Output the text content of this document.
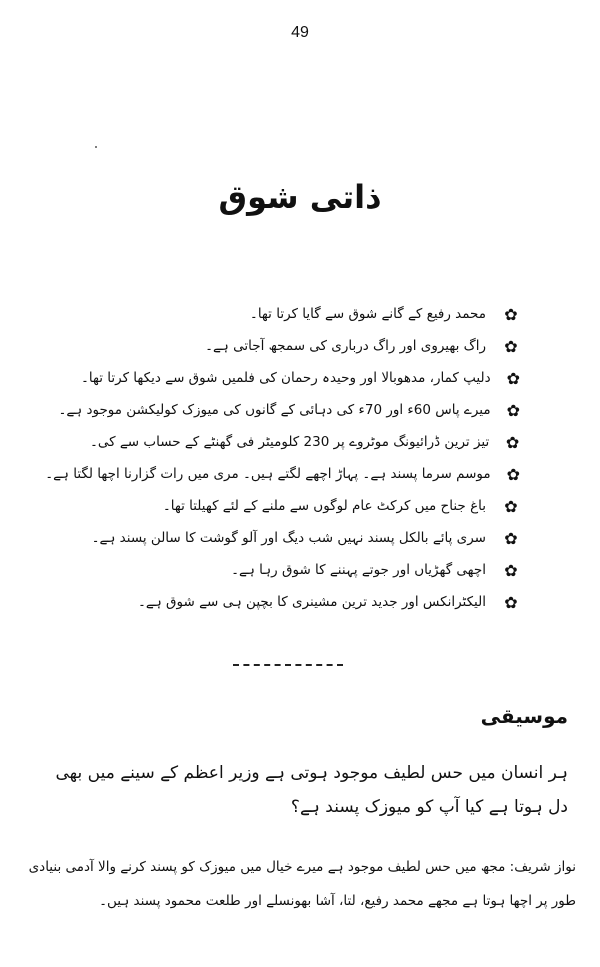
49
ذاتی شوق
✿
محمد رفیع کے گانے شوق سے گایا کرتا تھا۔
✿
راگ بھیروی اور راگ درباری کی سمجھ آجاتی ہے۔
✿
دلیپ کمار، مدھوبالا اور وحیدہ رحمان کی فلمیں شوق سے دیکھا کرتا تھا۔
✿
میرے پاس 60ء اور 70ء کی دہائی کے گانوں کی میوزک کولیکشن موجود ہے۔
✿
تیز ترین ڈرائیونگ موٹروے پر 230 کلومیٹر فی گھنٹے کے حساب سے کی۔
✿
موسم سرما پسند ہے۔ پہاڑ اچھے لگتے ہیں۔ مری میں رات گزارنا اچھا لگتا ہے۔
✿
باغ جناح میں کرکٹ عام لوگوں سے ملنے کے لئے کھیلتا تھا۔
✿
سری پائے بالکل پسند نہیں شب دیگ اور آلو گوشت کا سالن پسند ہے۔
✿
اچھی گھڑیاں اور جوتے پہننے کا شوق رہا ہے۔
✿
الیکٹرانکس اور جدید ترین مشینری کا بچپن ہی سے شوق ہے۔
موسیقی
ہر انسان میں حس لطیف موجود ہوتی ہے وزیر اعظم کے سینے میں بھی دل ہوتا ہے کیا آپ کو میوزک پسند ہے؟
نواز شریف: مجھ میں حس لطیف موجود ہے میرے خیال میں میوزک کو پسند کرنے والا آدمی بنیادی طور پر اچھا ہوتا ہے مجھے محمد رفیع، لتا، آشا بھونسلے اور طلعت محمود پسند ہیں۔
